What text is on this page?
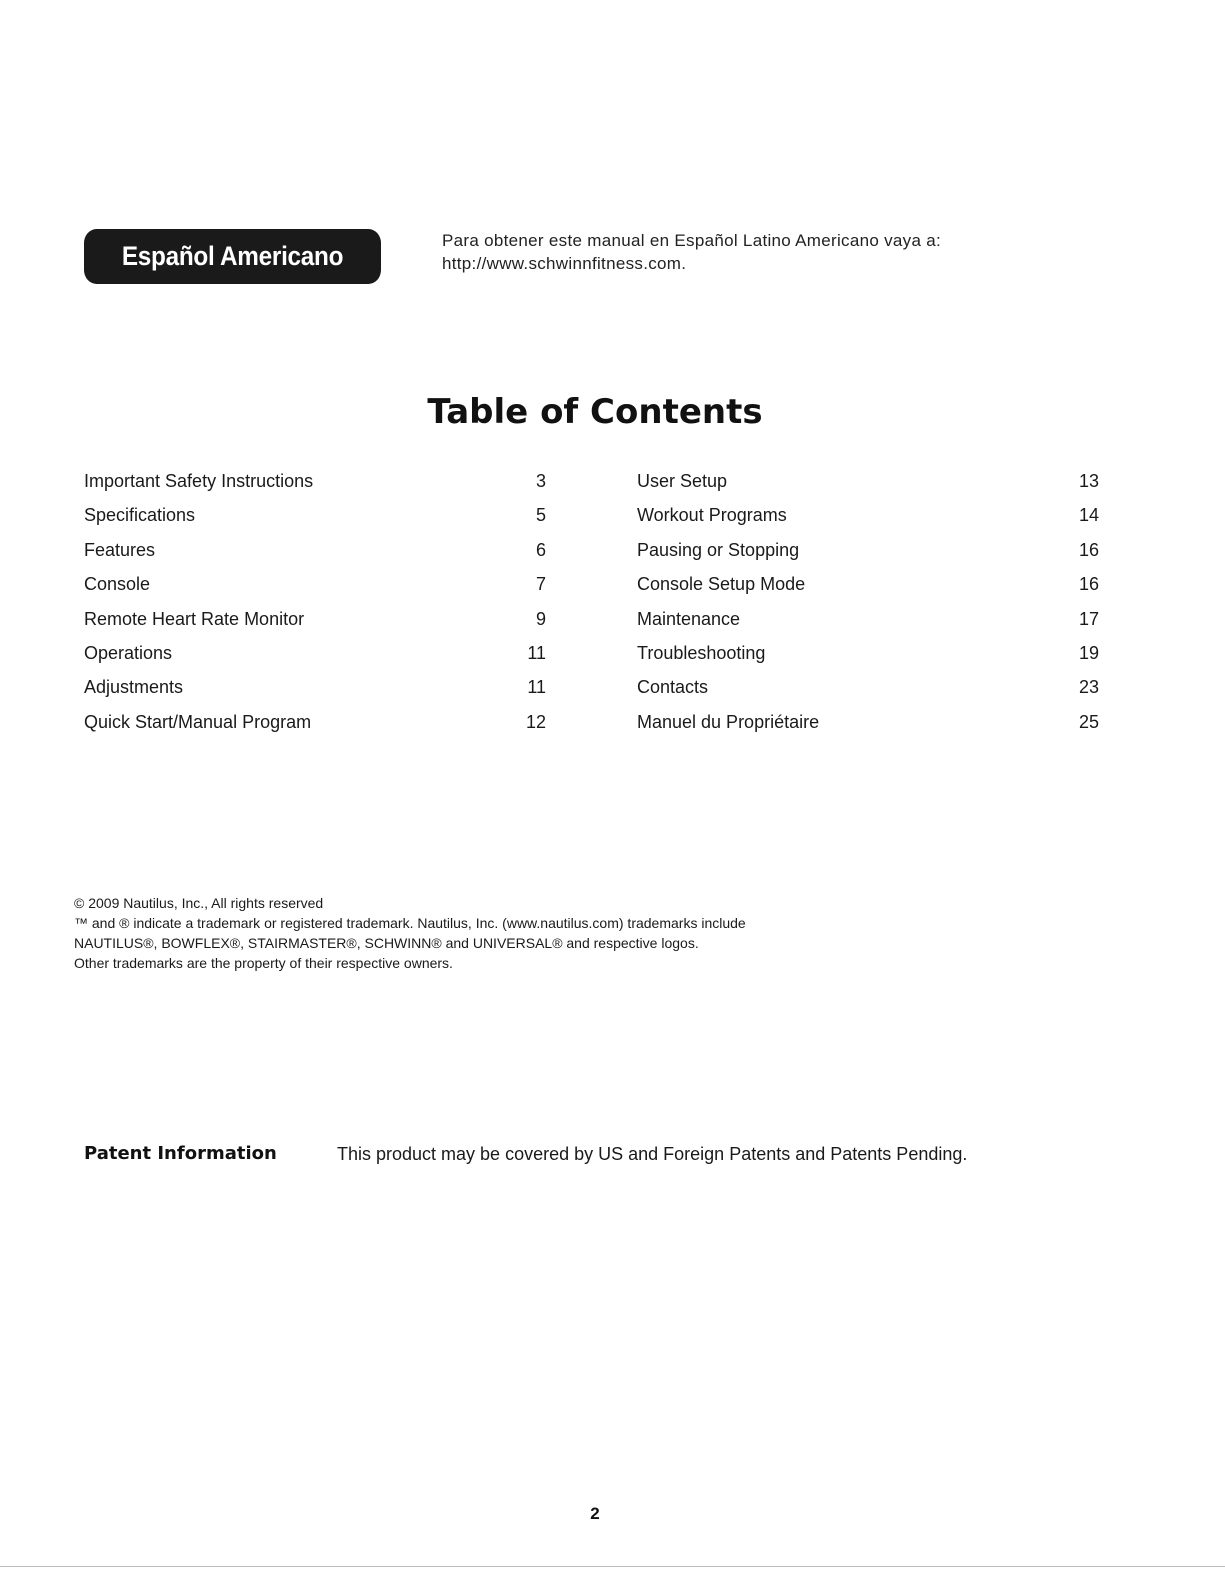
Español Americano Latino
Para obtener este manual en Español Latino Americano vaya a:
http://www.schwinnfitness.com.
Table of Contents
Important Safety Instructions	3
Specifications	5
Features	6
Console	7
Remote Heart Rate Monitor	9
Operations	11
Adjustments	11
Quick Start/Manual Program	12
User Setup	13
Workout Programs	14
Pausing or Stopping	16
Console Setup Mode	16
Maintenance	17
Troubleshooting	19
Contacts	23
Manuel du Propriétaire	25
© 2009 Nautilus, Inc., All rights reserved
™ and ® indicate a trademark or registered trademark. Nautilus, Inc. (www.nautilus.com) trademarks include
NAUTILUS®, BOWFLEX®, STAIRMASTER®, SCHWINN® and UNIVERSAL® and respective logos.
Other trademarks are the property of their respective owners.
Patent Information	This product may be covered by US and Foreign Patents and Patents Pending.
2
